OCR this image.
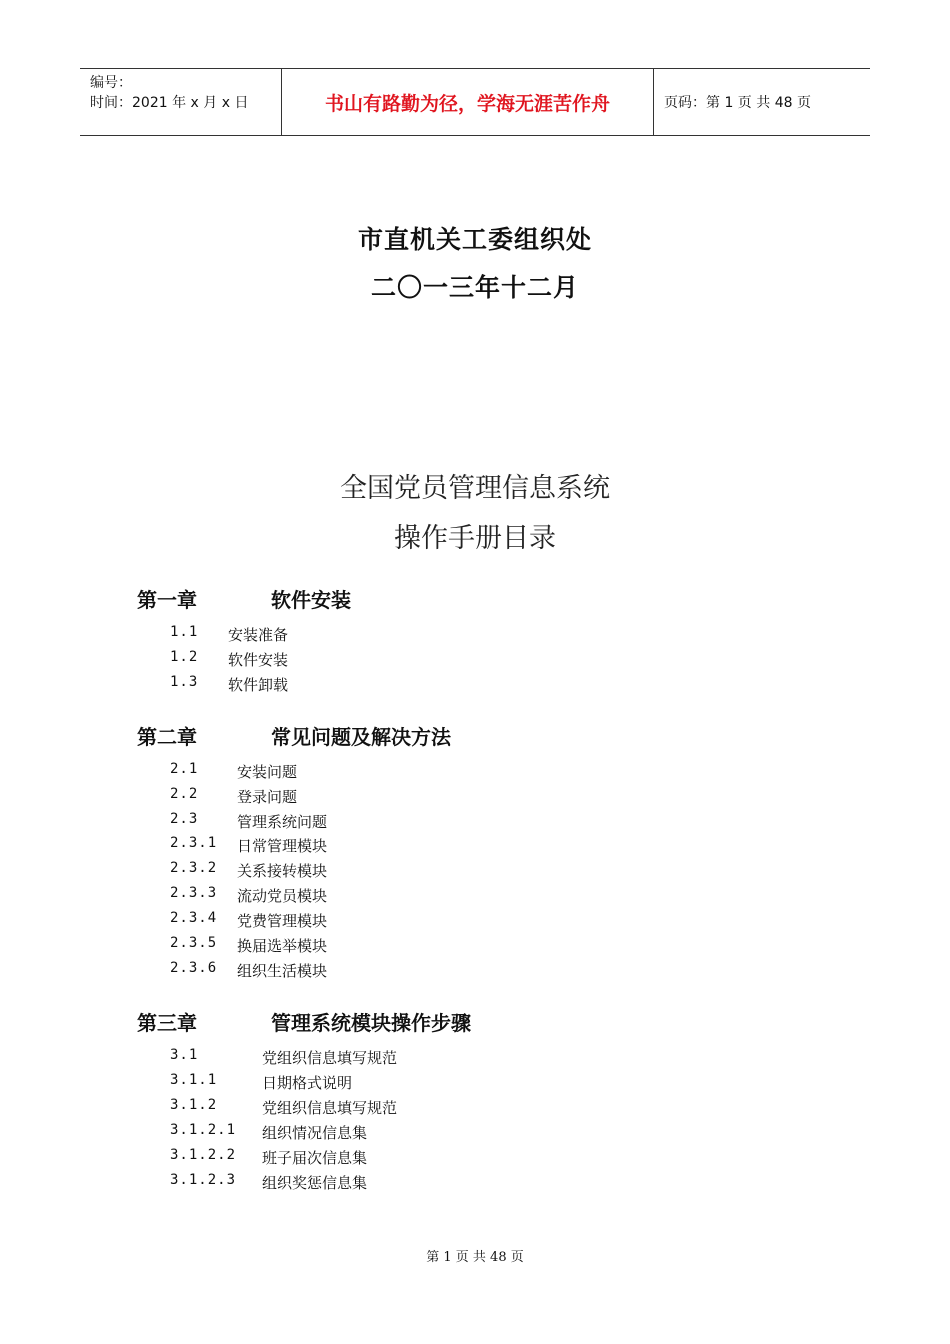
编号：
时间：2021 年 x 月 x 日	书山有路勤为径，学海无涯苦作舟	页码：第 1 页 共 48 页
市直机关工委组织处
二〇一三年十二月
全国党员管理信息系统
操作手册目录
第一章	软件安装
1.1 安装准备
1.2 软件安装
1.3 软件卸载
第二章	常见问题及解决方法
2.1	安装问题
2.2	登录问题
2.3	管理系统问题
2.3.1 日常管理模块
2.3.2 关系接转模块
2.3.3 流动党员模块
2.3.4 党费管理模块
2.3.5 换届选举模块
2.3.6 组织生活模块
第三章	管理系统模块操作步骤
3.1	党组织信息填写规范
3.1.1	日期格式说明
3.1.2	党组织信息填写规范
3.1.2.1 组织情况信息集
3.1.2.2 班子届次信息集
3.1.2.3 组织奖惩信息集
第 1 页 共 48 页
